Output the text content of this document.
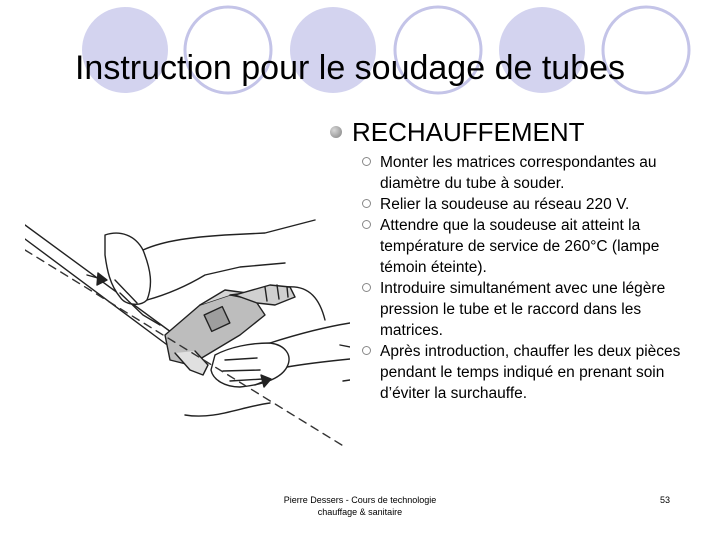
Instruction pour le soudage de tubes
RECHAUFFEMENT
Monter les matrices correspondantes au diamètre du tube à souder.
Relier la soudeuse au réseau 220 V.
Attendre que la soudeuse ait atteint la température de service de 260°C (lampe témoin éteinte).
Introduire simultanément avec une légère pression le tube et le raccord dans les matrices.
Après introduction, chauffer les deux pièces pendant le temps indiqué en prenant soin d’éviter la surchauffe.
Pierre Dessers - Cours de technologie
chauffage & sanitaire
53
